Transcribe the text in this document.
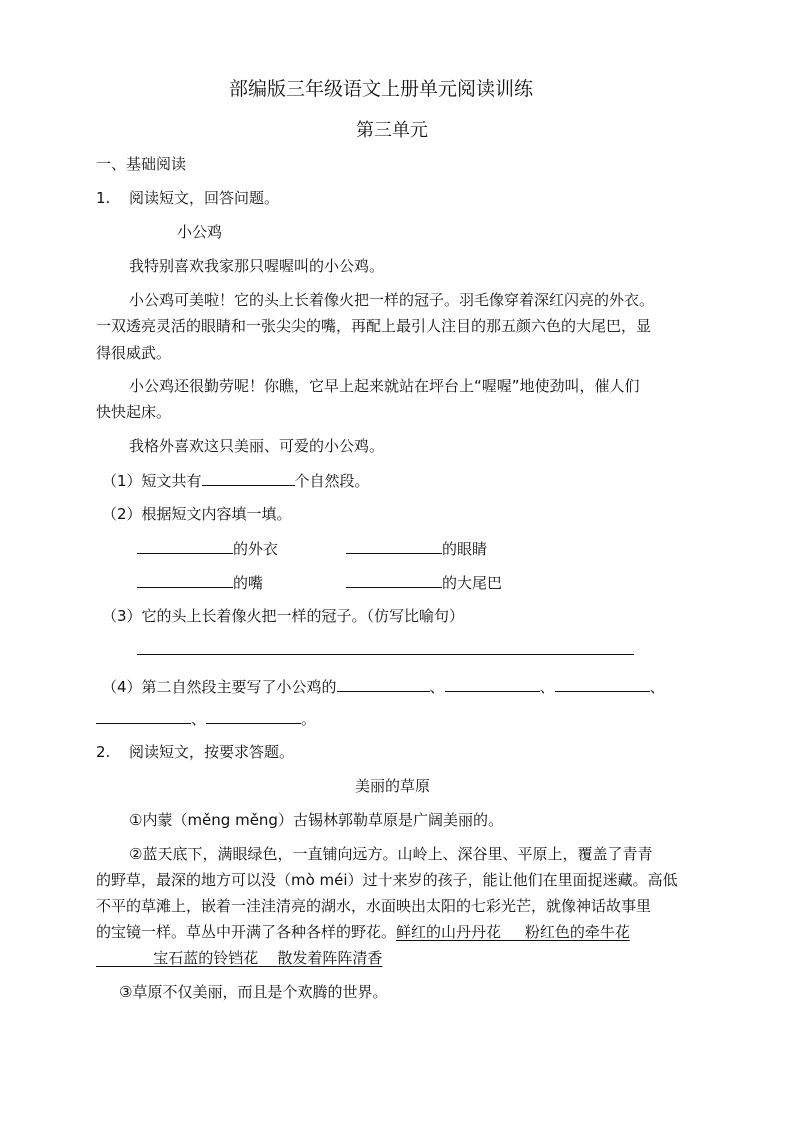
部编版三年级语文上册单元阅读训练
第三单元
一、基础阅读
1. 阅读短文，回答问题。
小公鸡
我特别喜欢我家那只喔喔叫的小公鸡。
小公鸡可美啦！它的头上长着像火把一样的冠子。羽毛像穿着深红闪亮的外衣。
一双透亮灵活的眼睛和一张尖尖的嘴，再配上最引人注目的那五颜六色的大尾巴，显
得很威武。
小公鸡还很勤劳呢！你瞧，它早上起来就站在坪台上“喔喔”地使劲叫，催人们
快快起床。
我格外喜欢这只美丽、可爱的小公鸡。
（1）短文共有	个自然段。
（2）根据短文内容填一填。
的外衣	的眼睛
的嘴	的大尾巴
（3）它的头上长着像火把一样的冠子。（仿写比喻句）
（4）第二自然段主要写了小公鸡的	、	、	、
、	。
2. 阅读短文，按要求答题。
美丽的草原
①内蒙（měng měng）古锡林郭勒草原是广阔美丽的。
②蓝天底下，满眼绿色，一直铺向远方。山岭上、深谷里、平原上，覆盖了青青
的野草，最深的地方可以没（mò méi）过十来岁的孩子，能让他们在里面捉迷藏。高低
不平的草滩上，嵌着一洼洼清亮的湖水，水面映出太阳的七彩光芒，就像神话故事里
的宝镜一样。草丛中开满了各种各样的野花。鲜红的山丹丹花 粉红色的牵牛花
宝石蓝的铃铛花 散发着阵阵清香
③草原不仅美丽，而且是个欢腾的世界。
